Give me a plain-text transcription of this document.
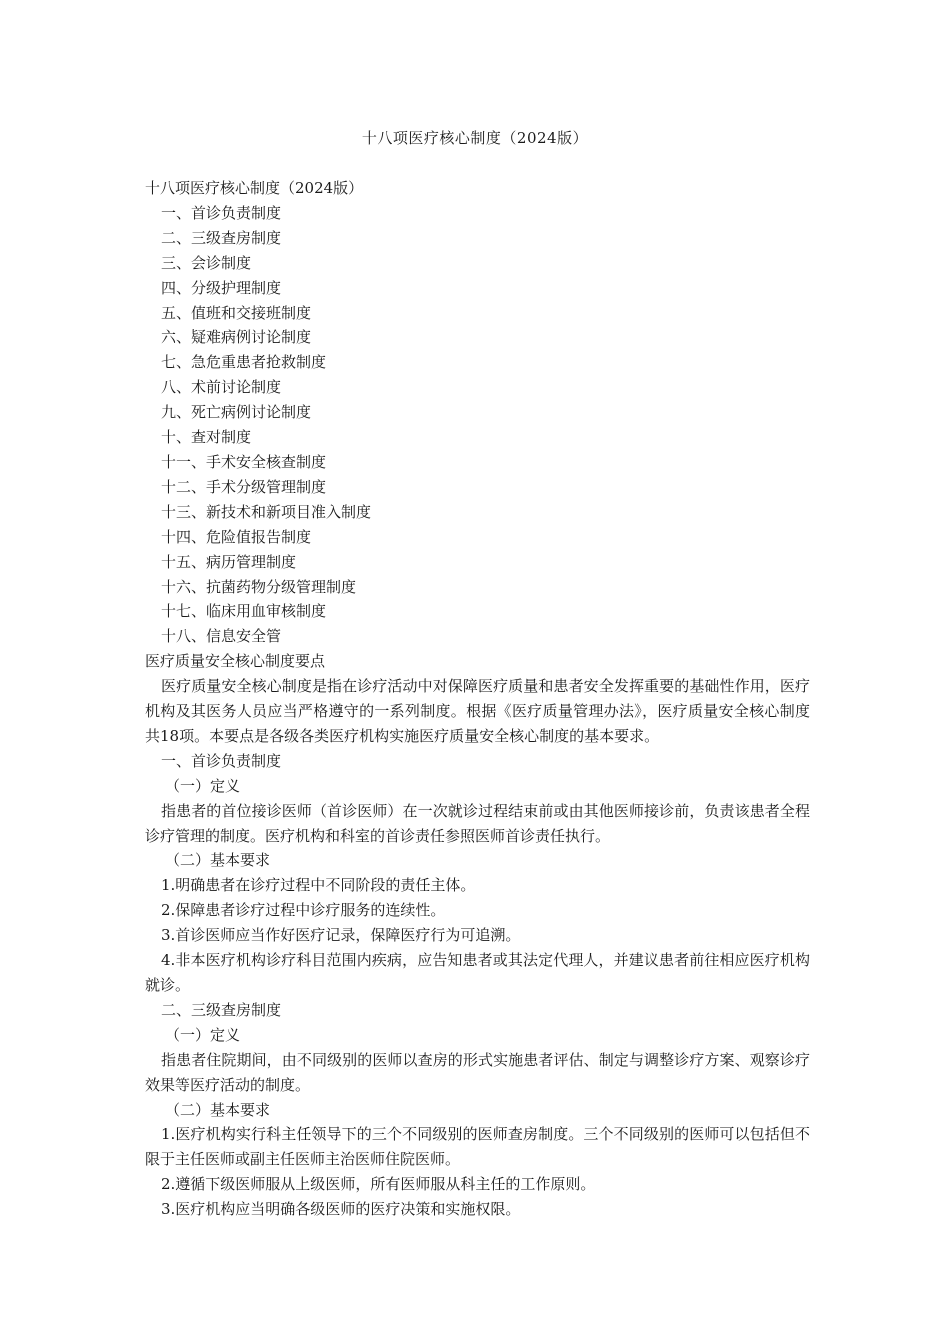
十八项医疗核心制度（2024版）
十八项医疗核心制度（2024版）
一、首诊负责制度
二、三级查房制度
三、会诊制度
四、分级护理制度
五、值班和交接班制度
六、疑难病例讨论制度
七、急危重患者抢救制度
八、术前讨论制度
九、死亡病例讨论制度
十、查对制度
十一、手术安全核查制度
十二、手术分级管理制度
十三、新技术和新项目准入制度
十四、危险值报告制度
十五、病历管理制度
十六、抗菌药物分级管理制度
十七、临床用血审核制度
十八、信息安全管
医疗质量安全核心制度要点
医疗质量安全核心制度是指在诊疗活动中对保障医疗质量和患者安全发挥重要的基础性作用，医疗机构及其医务人员应当严格遵守的一系列制度。根据《医疗质量管理办法》，医疗质量安全核心制度共18项。本要点是各级各类医疗机构实施医疗质量安全核心制度的基本要求。
一、首诊负责制度
（一）定义
指患者的首位接诊医师（首诊医师）在一次就诊过程结束前或由其他医师接诊前，负责该患者全程诊疗管理的制度。医疗机构和科室的首诊责任参照医师首诊责任执行。
（二）基本要求
1.明确患者在诊疗过程中不同阶段的责任主体。
2.保障患者诊疗过程中诊疗服务的连续性。
3.首诊医师应当作好医疗记录，保障医疗行为可追溯。
4.非本医疗机构诊疗科目范围内疾病，应告知患者或其法定代理人，并建议患者前往相应医疗机构就诊。
二、三级查房制度
（一）定义
指患者住院期间，由不同级别的医师以查房的形式实施患者评估、制定与调整诊疗方案、观察诊疗效果等医疗活动的制度。
（二）基本要求
1.医疗机构实行科主任领导下的三个不同级别的医师查房制度。三个不同级别的医师可以包括但不限于主任医师或副主任医师主治医师住院医师。
2.遵循下级医师服从上级医师，所有医师服从科主任的工作原则。
3.医疗机构应当明确各级医师的医疗决策和实施权限。
